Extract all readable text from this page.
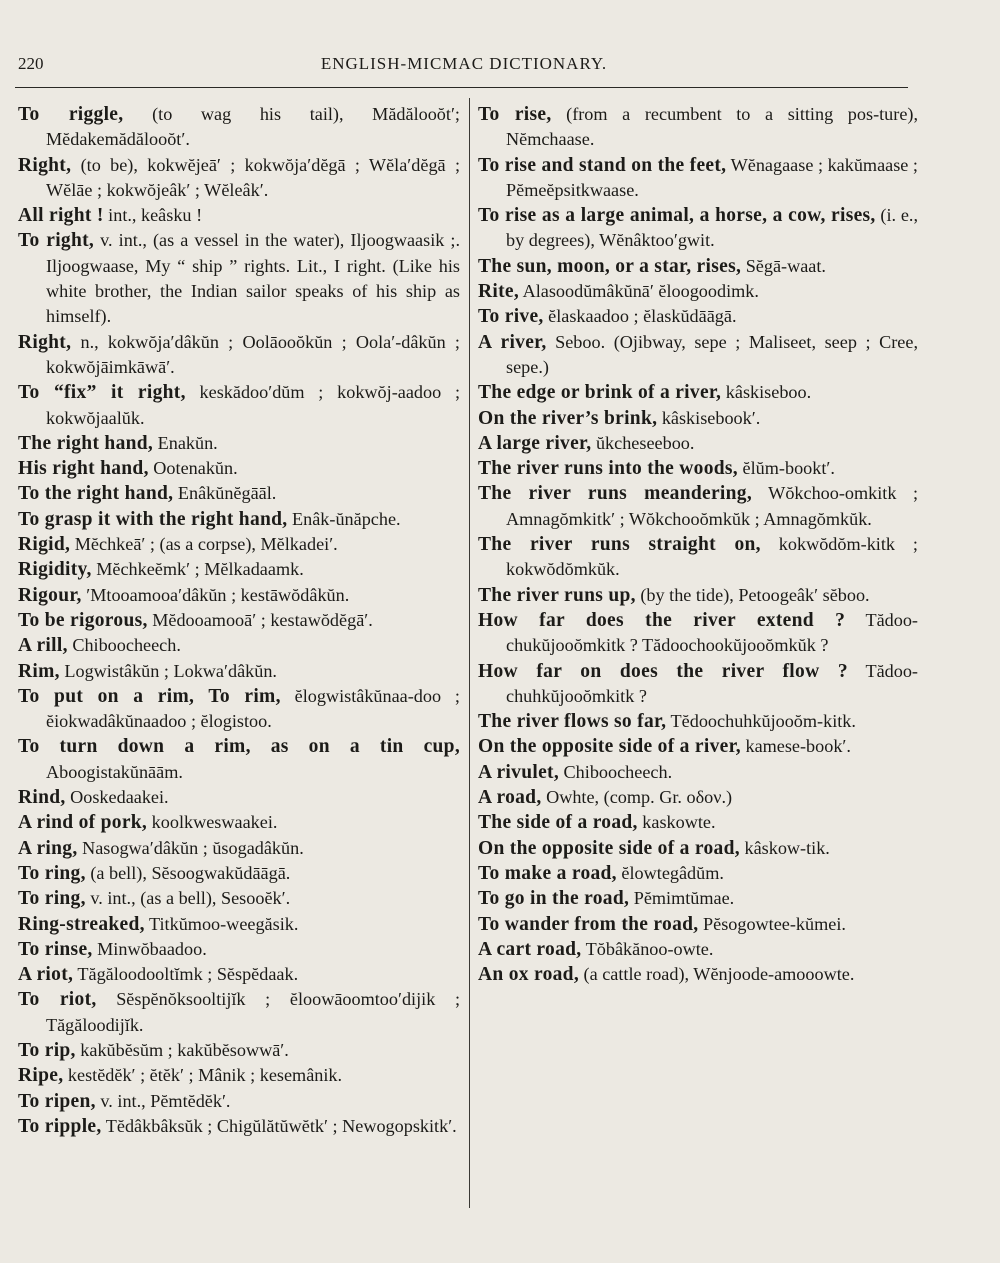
220	ENGLISH-MICMAC DICTIONARY.

To riggle, (to wag his tail), Mădălooŏt′; Mĕdakemădălooŏt′.

Right, (to be), kokwĕjeā′ ; kokwŏja′dĕgā ; Wĕla′dĕgā ; Wĕlāe ; kokwŏjeâk′ ; Wĕleâk′.

All right ! int., keâsku !

To right, v. int., (as a vessel in the water), Iljoogwaasik ;. Iljoogwaase, My “ ship ” rights. Lit., I right. (Like his white brother, the Indian sailor speaks of his ship as himself).

Right, n., kokwŏja′dâkŭn ; Oolāooŏkŭn ; Oola′-dâkŭn ; kokwŏjāimkāwā′.

To “fix” it right, keskădoo′dŭm ; kokwŏj-aadoo ; kokwŏjaalŭk.

The right hand, Enakŭn.

His right hand, Ootenakŭn.

To the right hand, Enâkŭnĕgāāl.

To grasp it with the right hand, Enâk-ŭnăpche.

Rigid, Mĕchkeā′ ; (as a corpse), Mĕlkadei′.

Rigidity, Mĕchkeĕmk′ ; Mĕlkadaamk.

Rigour, ′Mtooamooa′dâkŭn ; kestāwŏdâkŭn.

To be rigorous, Mĕdooamooā′ ; kestawŏdĕgā′.

A rill, Chiboocheech.

Rim, Logwistâkŭn ; Lokwa′dâkŭn.

To put on a rim, To rim, ĕlogwistâkŭnaa-doo ; ĕiokwadâkŭnaadoo ; ĕlogistoo.

To turn down a rim, as on a tin cup, Aboogistakŭnāām.

Rind, Ooskedaakei.

A rind of pork, koolkweswaakei.

A ring, Nasogwa′dâkŭn ; ŭsogadâkŭn.

To ring, (a bell), Sĕsoogwakŭdāāgā.

To ring, v. int., (as a bell), Sesooĕk′.

Ring-streaked, Titkŭmoo-weegăsik.

To rinse, Minwŏbaadoo.

A riot, Tăgăloodooltĭmk ; Sĕspĕdaak.

To riot, Sĕspĕnŏksooltijĭk ; ĕloowāoomtoo′dijik ; Tăgăloodijĭk.

To rip, kakŭbĕsŭm ; kakŭbĕsowwā′.

Ripe, kestĕdĕk′ ; ĕtĕk′ ; Mânik ; kesemânik.

To ripen, v. int., Pĕmtĕdĕk′.

To ripple, Tĕdâkbâksŭk ; Chigŭlătŭwĕtk′ ; Newogopskitk′.

To rise, (from a recumbent to a sitting pos-ture), Nĕmchaase.

To rise and stand on the feet, Wĕnagaase ; kakŭmaase ; Pĕmeĕpsitkwaase.

To rise as a large animal, a horse, a cow, rises, (i. e., by degrees), Wĕnâktoo′gwit.

The sun, moon, or a star, rises, Sĕgā-waat.

Rite, Alasoodŭmâkŭnā′ ĕloogoodimk.

To rive, ĕlaskaadoo ; ĕlaskŭdāāgā.

A river, Seboo. (Ojibway, sepe ; Maliseet, seep ; Cree, sepe.)

The edge or brink of a river, kâskiseboo.

On the river’s brink, kâskisebook′.

A large river, ŭkcheseeboo.

The river runs into the woods, ĕlŭm-bookt′.

The river runs meandering, Wŏkchoo-omkitk ; Amnagŏmkitk′ ; Wŏkchooŏmkŭk ; Amnagŏmkŭk.

The river runs straight on, kokwŏdŏm-kitk ; kokwŏdŏmkŭk.

The river runs up, (by the tide), Petoogeâk′ sĕboo.

How far does the river extend ? Tădoo-chukŭjooŏmkitk ? Tădoochookŭjooŏmkŭk ?

How far on does the river flow ? Tădoo-chuhkŭjooŏmkitk ?

The river flows so far, Tĕdoochuhkŭjooŏm-kitk.

On the opposite side of a river, kamese-book′.

A rivulet, Chiboocheech.

A road, Owhte, (comp. Gr. οδον.)

The side of a road, kaskowte.

On the opposite side of a road, kâskow-tik.

To make a road, ĕlowtegâdŭm.

To go in the road, Pĕmimtŭmae.

To wander from the road, Pĕsogowtee-kŭmei.

A cart road, Tŏbâkănoo-owte.

An ox road, (a cattle road), Wĕnjoode-amooowte.
